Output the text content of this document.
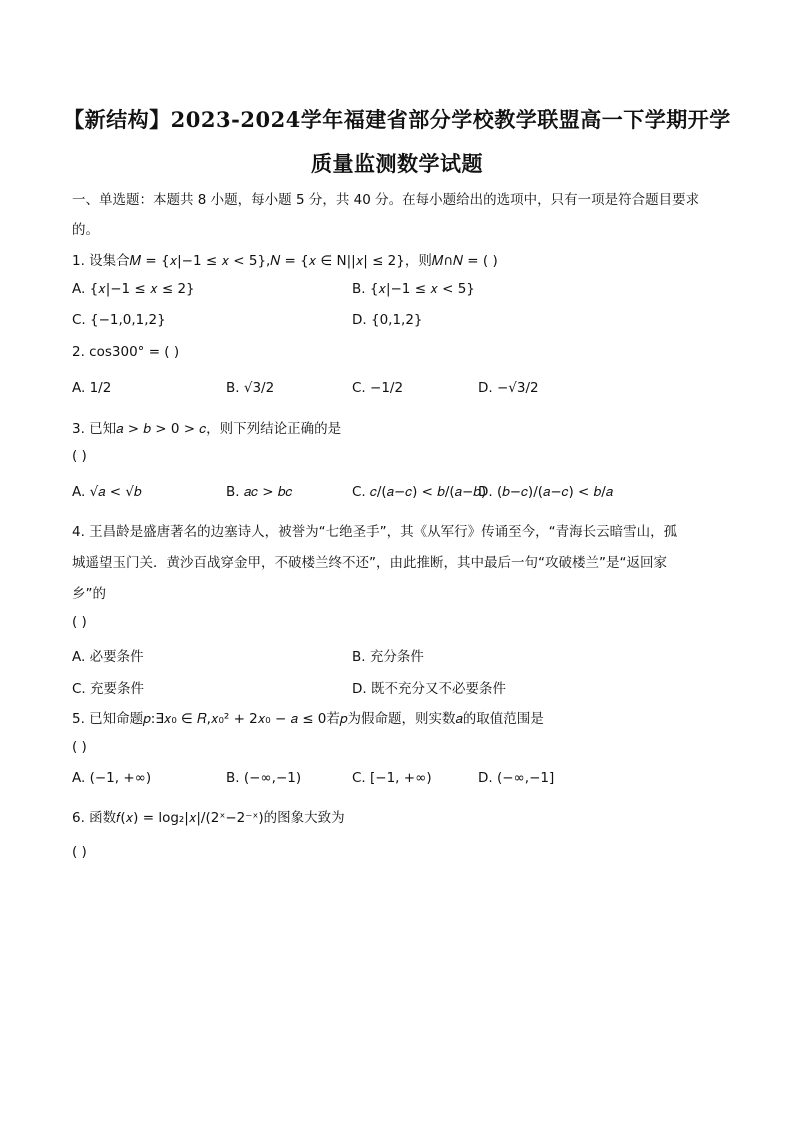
【新结构】2023-2024学年福建省部分学校教学联盟高一下学期开学
质量监测数学试题
一、单选题：本题共 8 小题，每小题 5 分，共 40 分。在每小题给出的选项中，只有一项是符合题目要求
的。
1. 设集合𝑀 = {𝑥|−1 ≤ 𝑥 < 5},𝑁 = {𝑥 ∈ N||𝑥| ≤ 2}，则𝑀∩𝑁 = ( )
A. {𝑥|−1 ≤ 𝑥 ≤ 2}	B. {𝑥|−1 ≤ 𝑥 < 5}
C. {−1,0,1,2}	D. {0,1,2}
2. cos300° = ( )
A. 1/2	B. √3/2	C. −1/2	D. −√3/2
3. 已知𝑎 > 𝑏 > 0 > 𝑐，则下列结论正确的是
( )
A. √𝑎 < √𝑏	B. 𝑎𝑐 > 𝑏𝑐	C. 𝑐/(𝑎−𝑐) < 𝑏/(𝑎−𝑏)
D. (𝑏−𝑐)/(𝑎−𝑐) < 𝑏/𝑎
4. 王昌龄是盛唐著名的边塞诗人，被誉为“七绝圣手”，其《从军行》传诵至今，“青海长云暗雪山，孤
城遥望玉门关．黄沙百战穿金甲，不破楼兰终不还”，由此推断，其中最后一句“攻破楼兰”是“返回家
乡”的
( )
A. 必要条件	B. 充分条件
C. 充要条件	D. 既不充分又不必要条件
5. 已知命题𝑝:∃𝑥₀ ∈ 𝑅,𝑥₀² + 2𝑥₀ − 𝑎 ≤ 0若𝑝为假命题，则实数𝑎的取值范围是
( )
A. (−1, +∞)	B. (−∞,−1)	C. [−1, +∞)	D. (−∞,−1]
6. 函数𝑓(𝑥) = log₂|𝑥|/(2ˣ−2⁻ˣ)的图象大致为
( )
